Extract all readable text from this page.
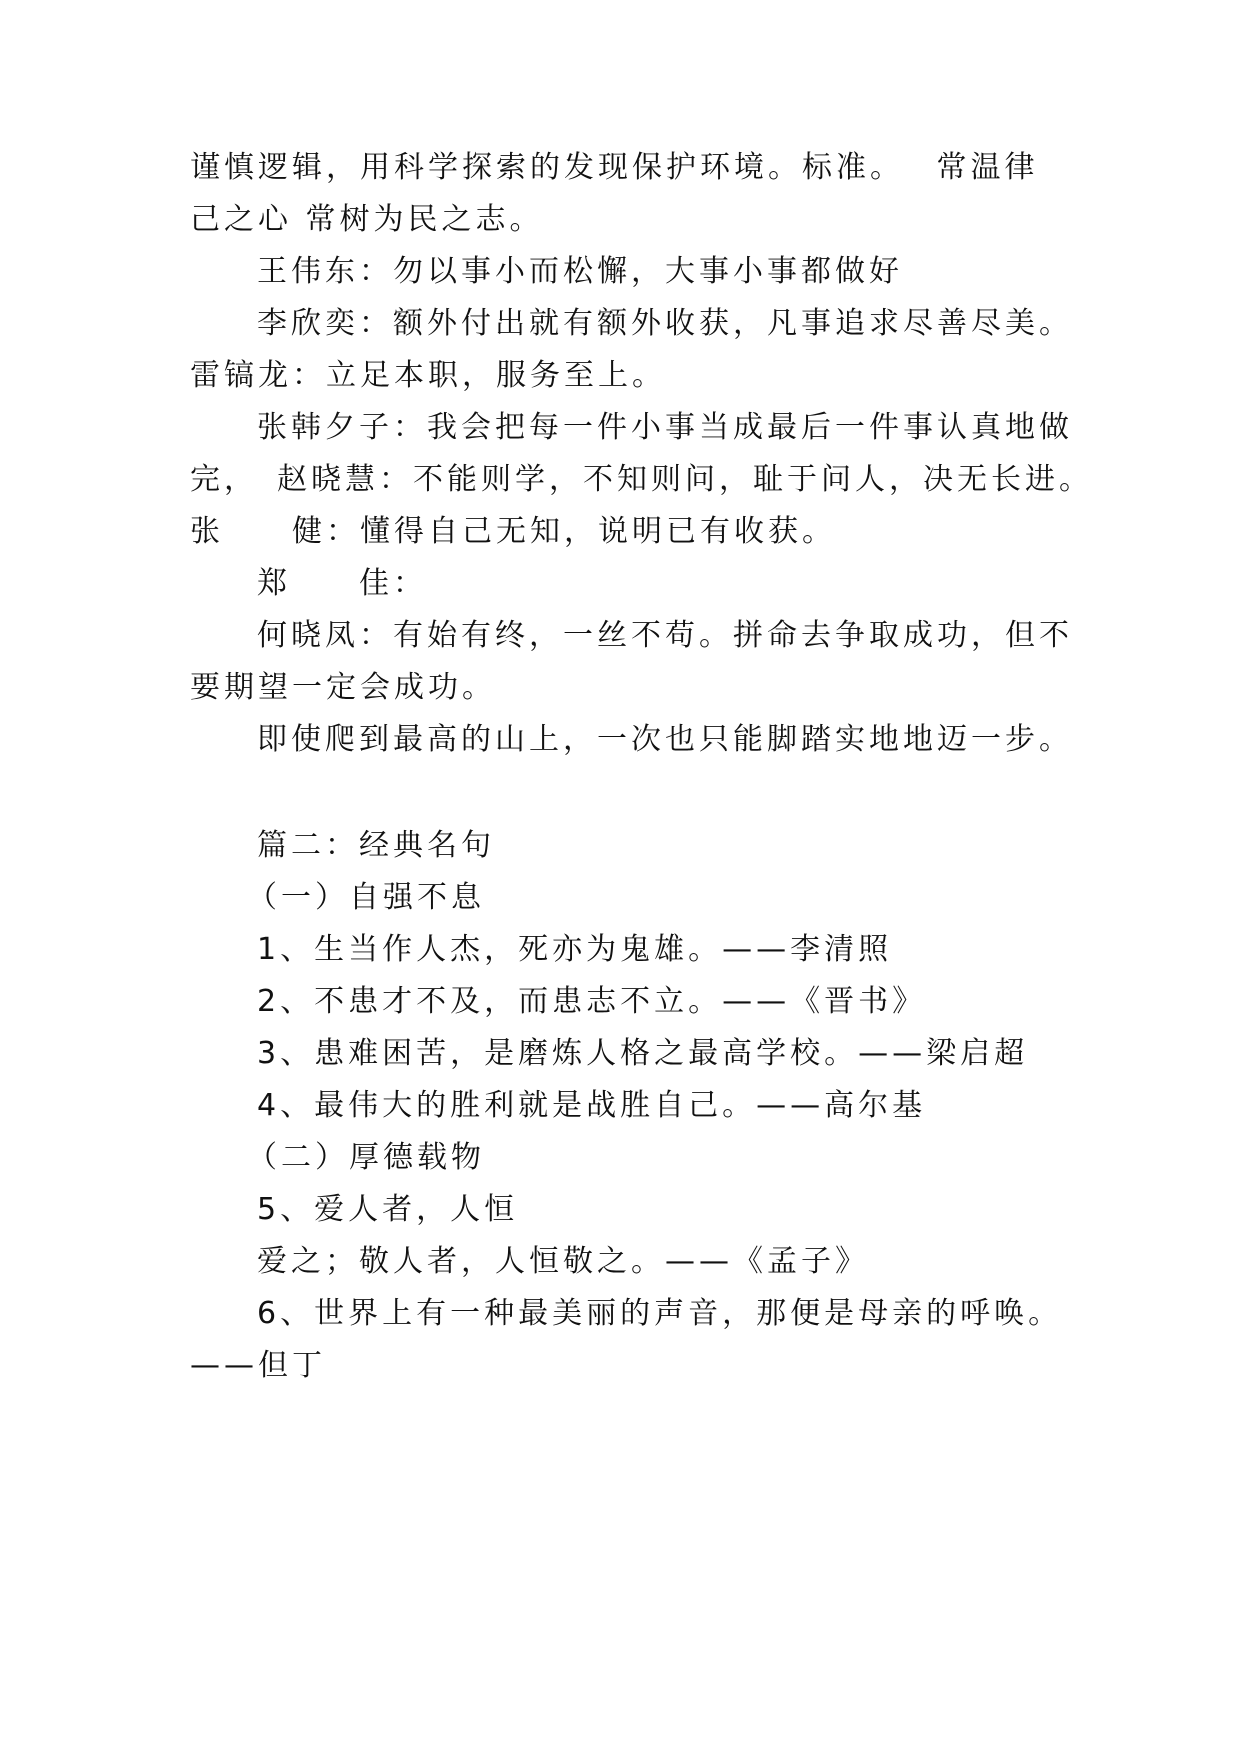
谨慎逻辑，用科学探索的发现保护环境。标准。　 常温律
己之心 常树为民之志。
王伟东：勿以事小而松懈，大事小事都做好
李欣奕：额外付出就有额外收获，凡事追求尽善尽美。
雷镐龙：立足本职，服务至上。
张韩夕子：我会把每一件小事当成最后一件事认真地做
完，　赵晓慧：不能则学，不知则问，耻于问人，决无长进。
张　　健：懂得自己无知，说明已有收获。
郑　　佳：
何晓凤：有始有终，一丝不苟。拼命去争取成功，但不
要期望一定会成功。
即使爬到最高的山上，一次也只能脚踏实地地迈一步。
篇二：经典名句
（一）自强不息
1、生当作人杰，死亦为鬼雄。——李清照
2、不患才不及，而患志不立。——《晋书》
3、患难困苦，是磨炼人格之最高学校。——梁启超
4、最伟大的胜利就是战胜自己。——高尔基
（二）厚德载物
5、爱人者，人恒
爱之；敬人者，人恒敬之。——《孟子》
6、世界上有一种最美丽的声音，那便是母亲的呼唤。
——但丁
